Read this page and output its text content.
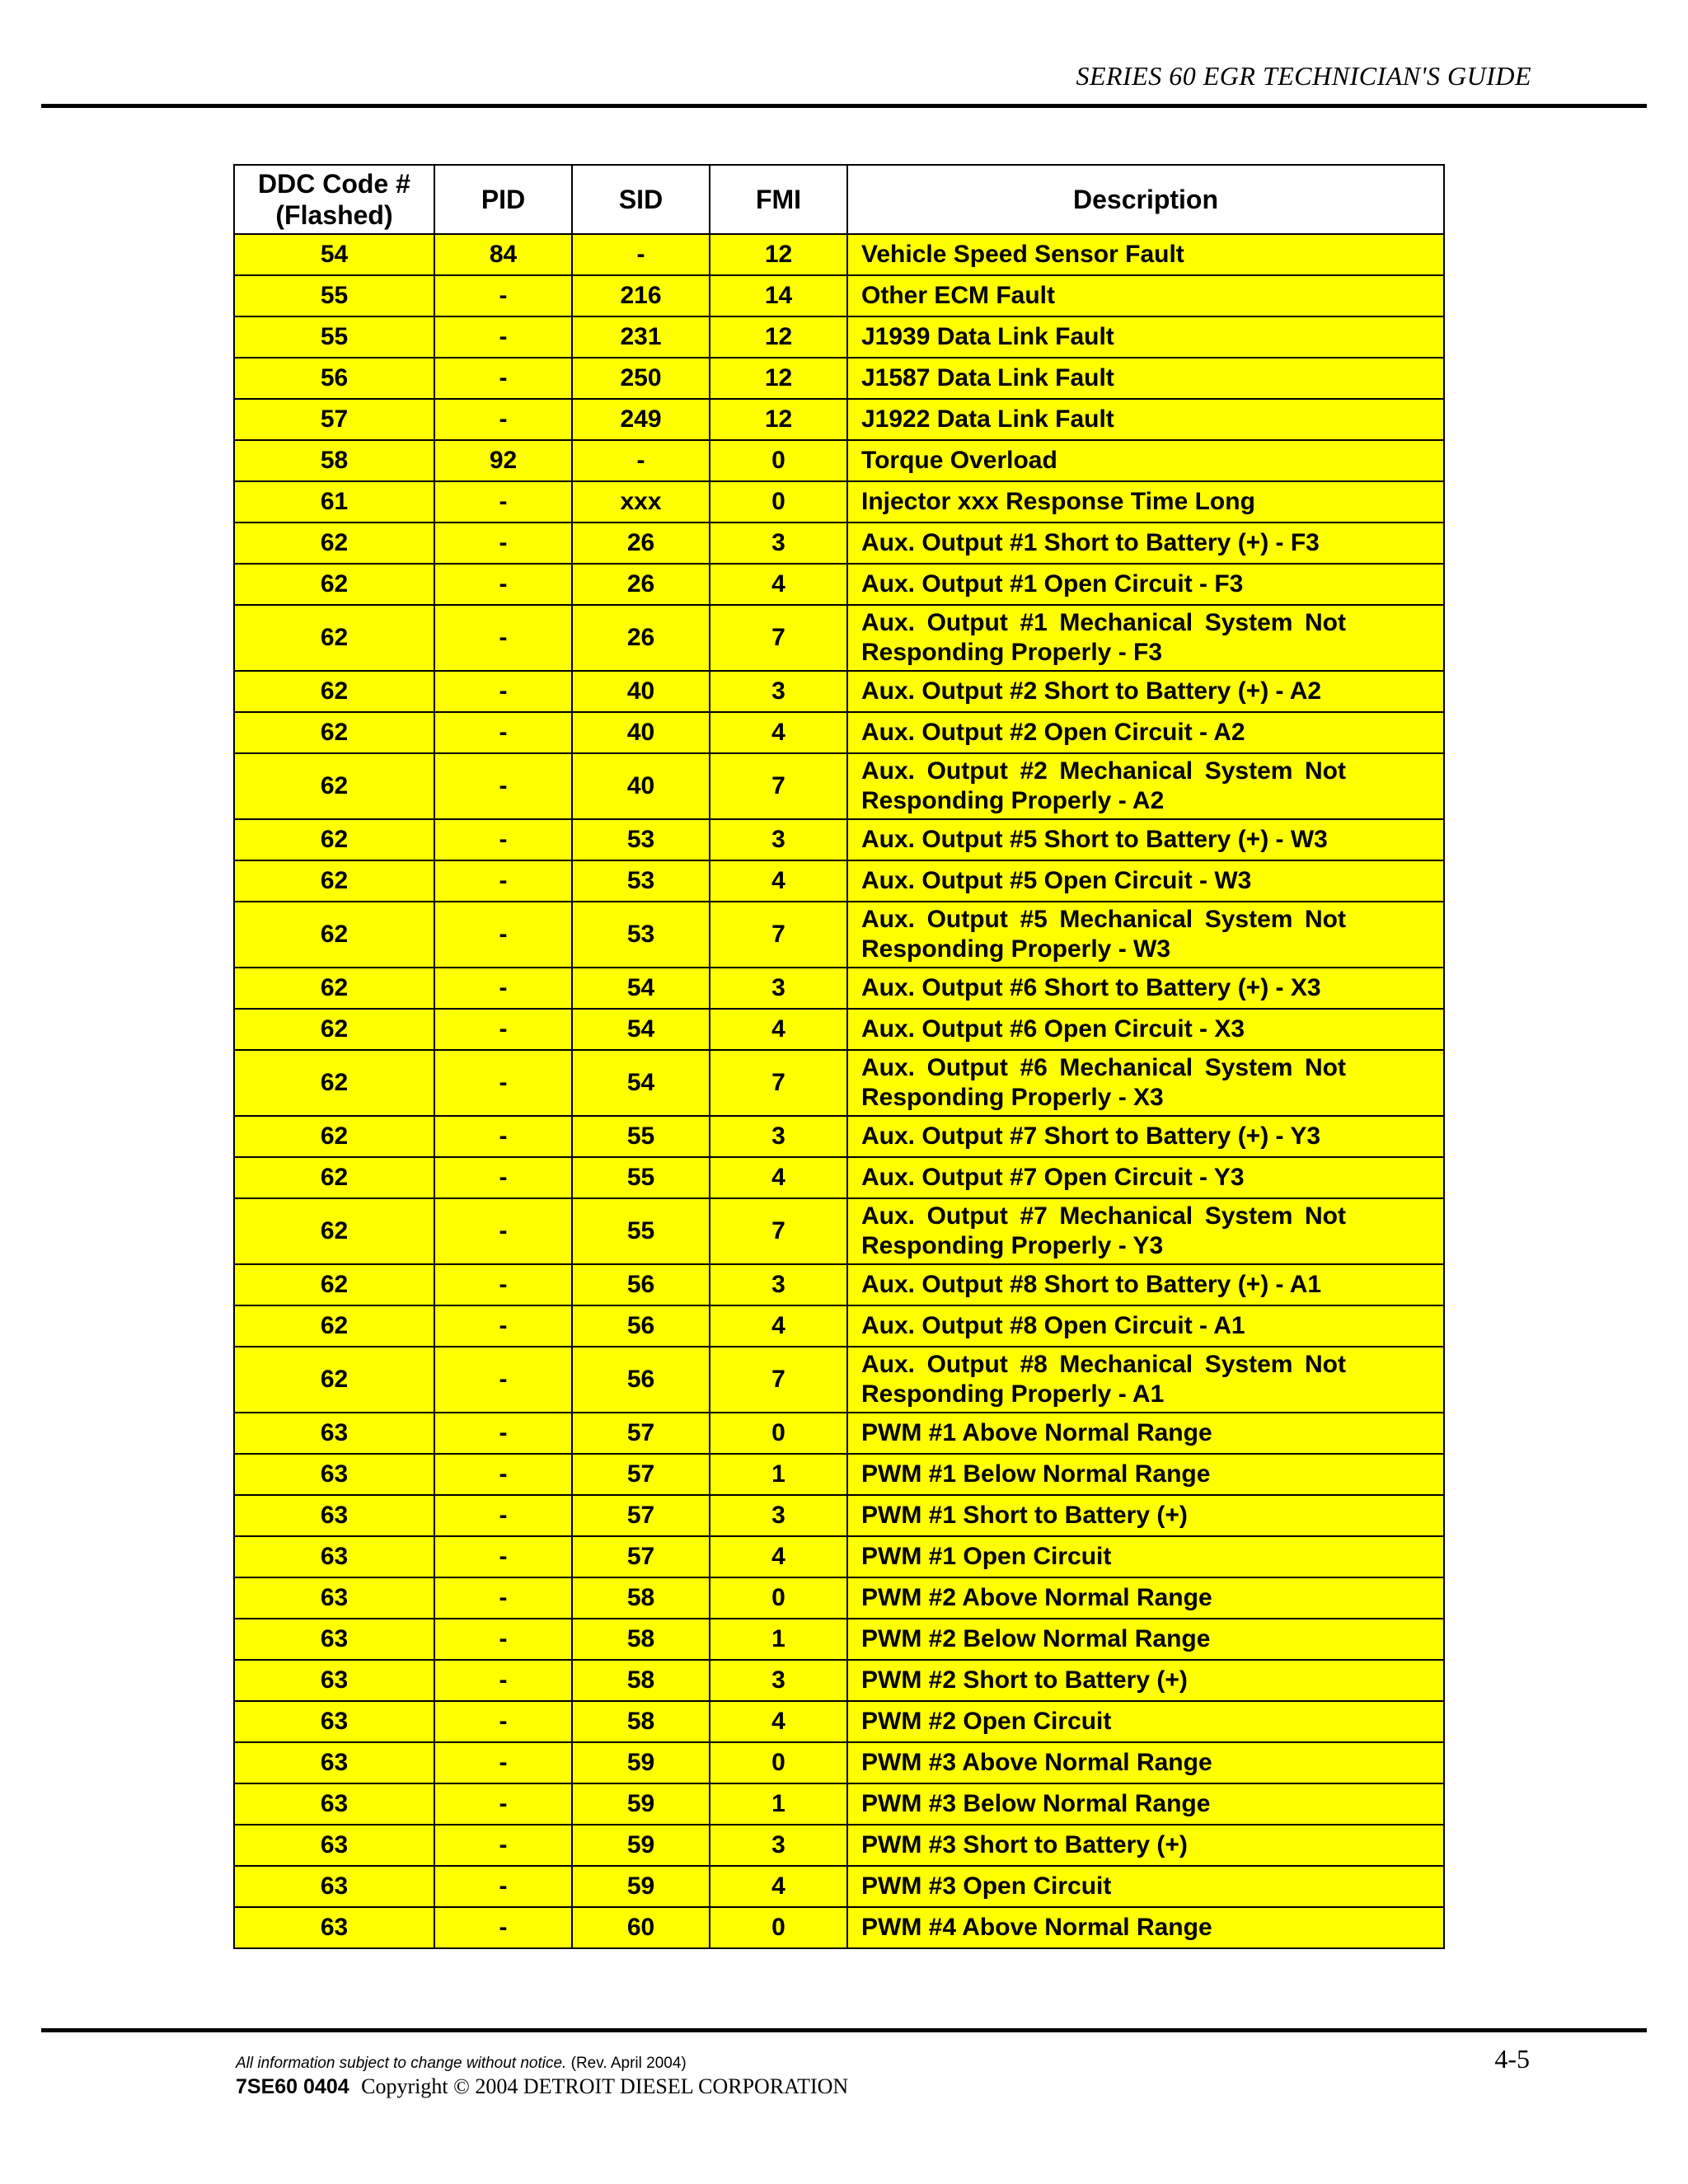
SERIES 60 EGR TECHNICIAN'S GUIDE
DDC Code # (Flashed)	PID	SID	FMI	Description
54	84	-	12	Vehicle Speed Sensor Fault
55	-	216	14	Other ECM Fault
55	-	231	12	J1939 Data Link Fault
56	-	250	12	J1587 Data Link Fault
57	-	249	12	J1922 Data Link Fault
58	92	-	0	Torque Overload
61	-	xxx	0	Injector xxx Response Time Long
62	-	26	3	Aux. Output #1 Short to Battery (+) - F3
62	-	26	4	Aux. Output #1 Open Circuit - F3
62	-	26	7	Aux. Output #1 Mechanical System Not Responding Properly - F3
62	-	40	3	Aux. Output #2 Short to Battery (+) - A2
62	-	40	4	Aux. Output #2 Open Circuit - A2
62	-	40	7	Aux. Output #2 Mechanical System Not Responding Properly - A2
62	-	53	3	Aux. Output #5 Short to Battery (+) - W3
62	-	53	4	Aux. Output #5 Open Circuit - W3
62	-	53	7	Aux. Output #5 Mechanical System Not Responding Properly - W3
62	-	54	3	Aux. Output #6 Short to Battery (+) - X3
62	-	54	4	Aux. Output #6 Open Circuit - X3
62	-	54	7	Aux. Output #6 Mechanical System Not Responding Properly - X3
62	-	55	3	Aux. Output #7 Short to Battery (+) - Y3
62	-	55	4	Aux. Output #7 Open Circuit - Y3
62	-	55	7	Aux. Output #7 Mechanical System Not Responding Properly - Y3
62	-	56	3	Aux. Output #8 Short to Battery (+) - A1
62	-	56	4	Aux. Output #8 Open Circuit - A1
62	-	56	7	Aux. Output #8 Mechanical System Not Responding Properly - A1
63	-	57	0	PWM #1 Above Normal Range
63	-	57	1	PWM #1 Below Normal Range
63	-	57	3	PWM #1 Short to Battery (+)
63	-	57	4	PWM #1 Open Circuit
63	-	58	0	PWM #2 Above Normal Range
63	-	58	1	PWM #2 Below Normal Range
63	-	58	3	PWM #2 Short to Battery (+)
63	-	58	4	PWM #2 Open Circuit
63	-	59	0	PWM #3 Above Normal Range
63	-	59	1	PWM #3 Below Normal Range
63	-	59	3	PWM #3 Short to Battery (+)
63	-	59	4	PWM #3 Open Circuit
63	-	60	0	PWM #4 Above Normal Range
All information subject to change without notice. (Rev. April 2004)
7SE60 0404 Copyright © 2004 DETROIT DIESEL CORPORATION
4-5
